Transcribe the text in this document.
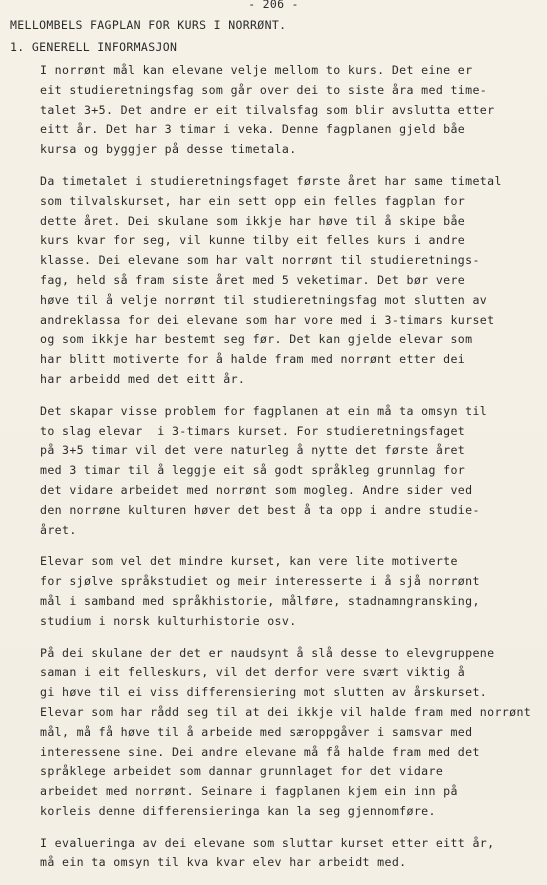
- 206 -
MELLOMBELS FAGPLAN FOR KURS I NORRØNT.
1. GENERELL INFORMASJON
I norrønt mål kan elevane velje mellom to kurs. Det eine er
eit studieretningsfag som går over dei to siste åra med time-
talet 3+5. Det andre er eit tilvalsfag som blir avslutta etter
eitt år. Det har 3 timar i veka. Denne fagplanen gjeld båe
kursa og byggjer på desse timetala.
Da timetalet i studieretningsfaget første året har same timetal
som tilvalskurset, har ein sett opp ein felles fagplan for
dette året. Dei skulane som ikkje har høve til å skipe båe
kurs kvar for seg, vil kunne tilby eit felles kurs i andre
klasse. Dei elevane som har valt norrønt til studieretnings-
fag, held så fram siste året med 5 veketimar. Det bør vere
høve til å velje norrønt til studieretningsfag mot slutten av
andreklassa for dei elevane som har vore med i 3-timars kurset
og som ikkje har bestemt seg før. Det kan gjelde elevar som
har blitt motiverte for å halde fram med norrønt etter dei
har arbeidd med det eitt år.
Det skapar visse problem for fagplanen at ein må ta omsyn til
to slag elevar  i 3-timars kurset. For studieretningsfaget
på 3+5 timar vil det vere naturleg å nytte det første året
med 3 timar til å leggje eit så godt språkleg grunnlag for
det vidare arbeidet med norrønt som mogleg. Andre sider ved
den norrøne kulturen høver det best å ta opp i andre studie-
året.
Elevar som vel det mindre kurset, kan vere lite motiverte
for sjølve språkstudiet og meir interesserte i å sjå norrønt
mål i samband med språkhistorie, målføre, stadnamngransking,
studium i norsk kulturhistorie osv.
På dei skulane der det er naudsynt å slå desse to elevgruppene
saman i eit felleskurs, vil det derfor vere svært viktig å
gi høve til ei viss differensiering mot slutten av årskurset.
Elevar som har rådd seg til at dei ikkje vil halde fram med norrønt
mål, må få høve til å arbeide med særoppgåver i samsvar med
interessene sine. Dei andre elevane må få halde fram med det
språklege arbeidet som dannar grunnlaget for det vidare
arbeidet med norrønt. Seinare i fagplanen kjem ein inn på
korleis denne differensieringa kan la seg gjennomføre.
I evalueringa av dei elevane som sluttar kurset etter eitt år,
må ein ta omsyn til kva kvar elev har arbeidt med.
